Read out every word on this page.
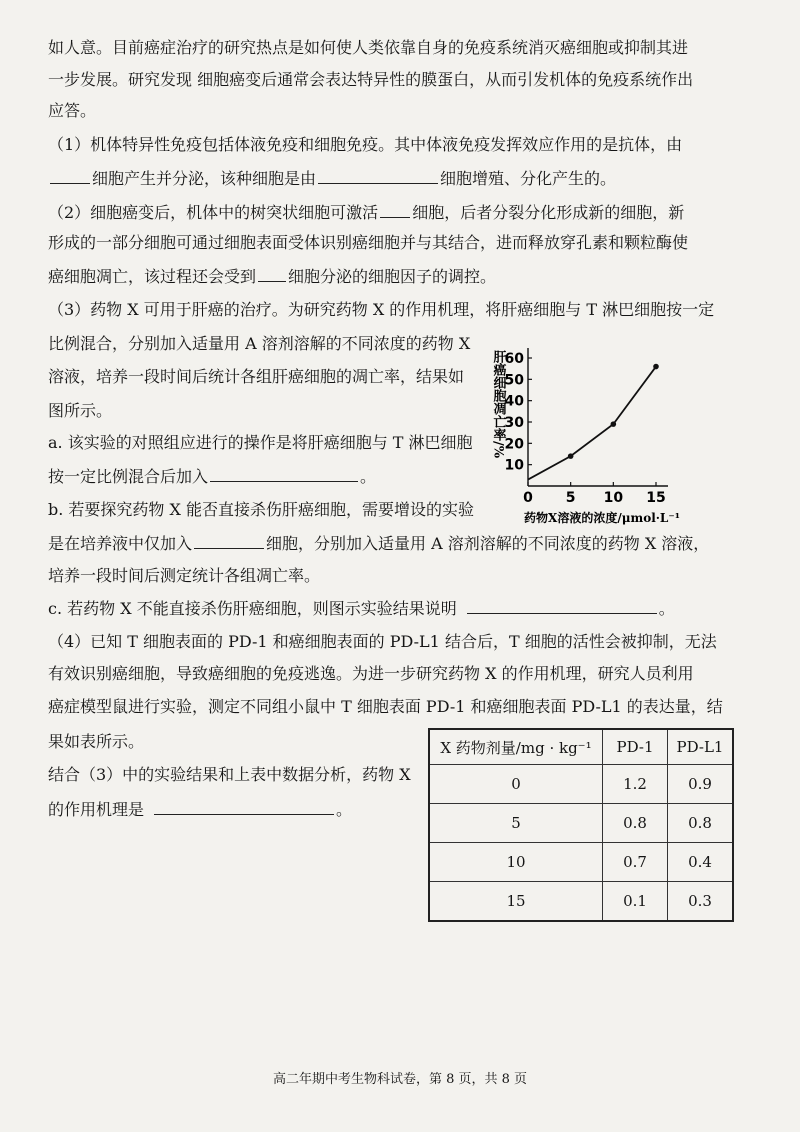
如人意。目前癌症治疗的研究热点是如何使人类依靠自身的免疫系统消灭癌细胞或抑制其进
一步发展。研究发现 细胞癌变后通常会表达特异性的膜蛋白，从而引发机体的免疫系统作出
应答。
（1）机体特异性免疫包括体液免疫和细胞免疫。其中体液免疫发挥效应作用的是抗体，由
细胞产生并分泌，该种细胞是由	细胞增殖、分化产生的。
（2）细胞癌变后，机体中的树突状细胞可激活 细胞，后者分裂分化形成新的细胞，新
形成的一部分细胞可通过细胞表面受体识别癌细胞并与其结合，进而释放穿孔素和颗粒酶使
癌细胞凋亡，该过程还会受到 细胞分泌的细胞因子的调控。
（3）药物 X 可用于肝癌的治疗。为研究药物 X 的作用机理，将肝癌细胞与 T 淋巴细胞按一定
比例混合，分别加入适量用 A 溶剂溶解的不同浓度的药物 X
溶液，培养一段时间后统计各组肝癌细胞的凋亡率，结果如
图所示。
a. 该实验的对照组应进行的操作是将肝癌细胞与 T 淋巴细胞
按一定比例混合后加入	。
b. 若要探究药物 X 能否直接杀伤肝癌细胞，需要增设的实验
是在培养液中仅加入	细胞，分别加入适量用 A 溶剂溶解的不同浓度的药物 X 溶液，
培养一段时间后测定统计各组凋亡率。
c. 若药物 X 不能直接杀伤肝癌细胞，则图示实验结果说明	。
10
20
30
40
50
60
0 5 10 15
药物X溶液的浓度/μmol·L⁻¹
肝癌细胞凋亡率/%
（4）已知 T 细胞表面的 PD-1 和癌细胞表面的 PD-L1 结合后，T 细胞的活性会被抑制，无法
有效识别癌细胞，导致癌细胞的免疫逃逸。为进一步研究药物 X 的作用机理，研究人员利用
癌症模型鼠进行实验，测定不同组小鼠中 T 细胞表面 PD-1 和癌细胞表面 PD-L1 的表达量，结
果如表所示。
结合（3）中的实验结果和上表中数据分析，药物 X
的作用机理是	。
X 药物剂量/mg · kg⁻¹	PD-1	PD-L1
0	1.2	0.9
5	0.8	0.8
10	0.7	0.4
15	0.1	0.3
高二年期中考生物科试卷，第 8 页，共 8 页
